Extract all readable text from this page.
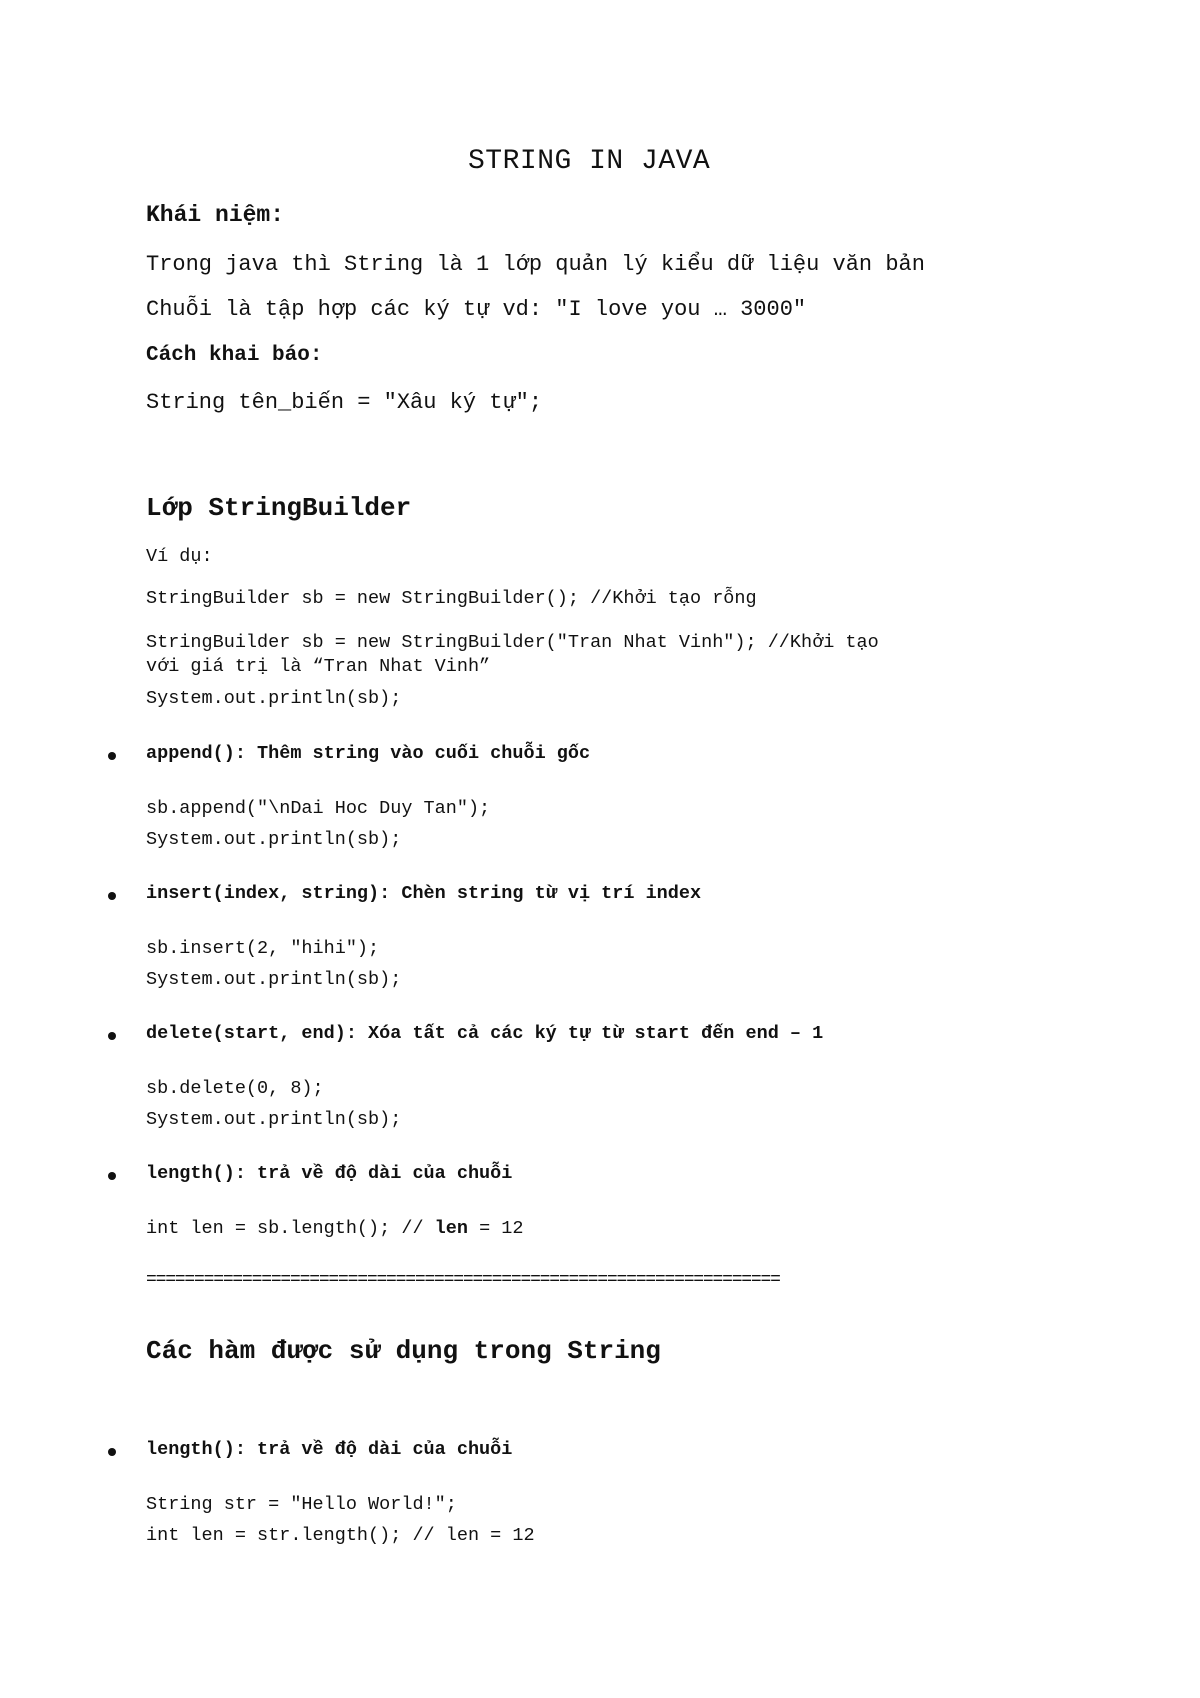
STRING IN JAVA
Khái niệm:
Trong java thì String là 1 lớp quản lý kiểu dữ liệu văn bản
Chuỗi là tập hợp các ký tự vd: "I love you … 3000"
Cách khai báo:
String tên_biến = "Xâu ký tự";
Lớp StringBuilder
Ví dụ:
StringBuilder sb = new StringBuilder(); //Khởi tạo rỗng
StringBuilder sb = new StringBuilder("Tran Nhat Vinh"); //Khởi tạo
với giá trị là “Tran Nhat Vinh”
System.out.println(sb);
append(): Thêm string vào cuối chuỗi gốc
sb.append("\nDai Hoc Duy Tan");
System.out.println(sb);
insert(index, string): Chèn string từ vị trí index
sb.insert(2, "hihi");
System.out.println(sb);
delete(start, end): Xóa tất cả các ký tự từ start đến end – 1
sb.delete(0, 8);
System.out.println(sb);
length(): trả về độ dài của chuỗi
int len = sb.length(); // len = 12
==================================================================
Các hàm được sử dụng trong String
length(): trả về độ dài của chuỗi
String str = "Hello World!";
int len = str.length(); // len = 12
